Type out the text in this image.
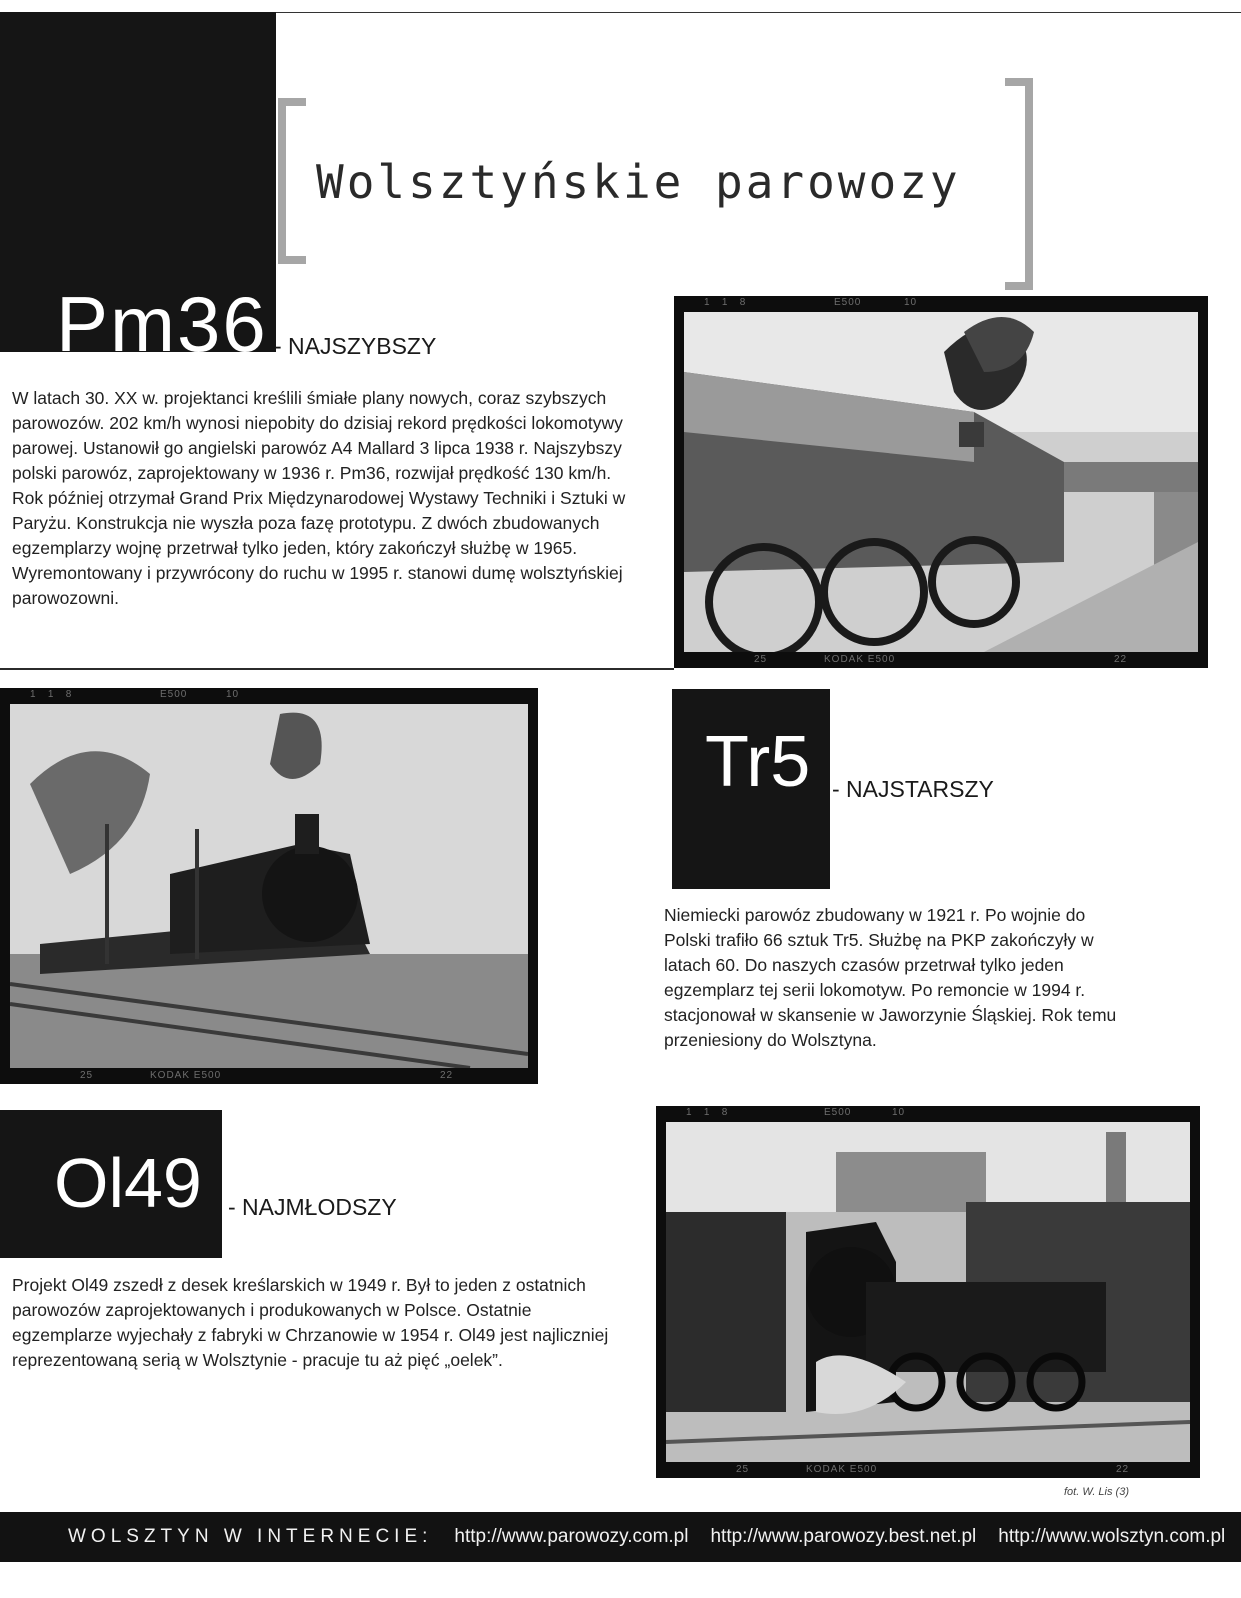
Wolsztyńskie parowozy
Pm36 - NAJSZYBSZY
W latach 30. XX w. projektanci kreślili śmiałe plany nowych, coraz szybszych parowozów. 202 km/h wynosi niepobity do dzisiaj rekord prędkości lokomotywy parowej. Ustanowił go angielski parowóz A4 Mallard 3 lipca 1938 r. Najszybszy polski parowóz, zaprojektowany w 1936 r. Pm36, rozwijał prędkość 130 km/h. Rok później otrzymał Grand Prix Międzynarodowej Wystawy Techniki i Sztuki w Paryżu. Konstrukcja nie wyszła poza fazę prototypu. Z dwóch zbudowanych egzemplarzy wojnę przetrwał tylko jeden, który zakończył służbę w 1965. Wyremontowany i przywrócony do ruchu w 1995 r. stanowi dumę wolsztyńskiej parowozowni.
1   1   8	E500	10
KODAK E500
25	22
1   1   8	E500	10
KODAK E500
25	22
Tr5 - NAJSTARSZY
Niemiecki parowóz zbudowany w 1921 r. Po wojnie do Polski trafiło 66 sztuk Tr5. Służbę na PKP zakończyły w latach 60. Do naszych czasów przetrwał tylko jeden egzemplarz tej serii lokomotyw. Po remoncie w 1994 r. stacjonował w skansenie w Jaworzynie Śląskiej. Rok temu przeniesiony do Wolsztyna.
Ol49 - NAJMŁODSZY
Projekt Ol49 zszedł z desek kreślarskich w 1949 r. Był to jeden z ostatnich parowozów zaprojektowanych i produkowanych w Polsce. Ostatnie egzemplarze wyjechały z fabryki w Chrzanowie w 1954 r. Ol49 jest najliczniej reprezentowaną serią w Wolsztynie - pracuje tu aż pięć „oelek”.
1   1   8	E500	10
KODAK E500
25	22
fot. W. Lis (3)
WOLSZTYN W INTERNECIE: http://www.parowozy.com.pl http://www.parowozy.best.net.pl http://www.wolsztyn.com.pl
